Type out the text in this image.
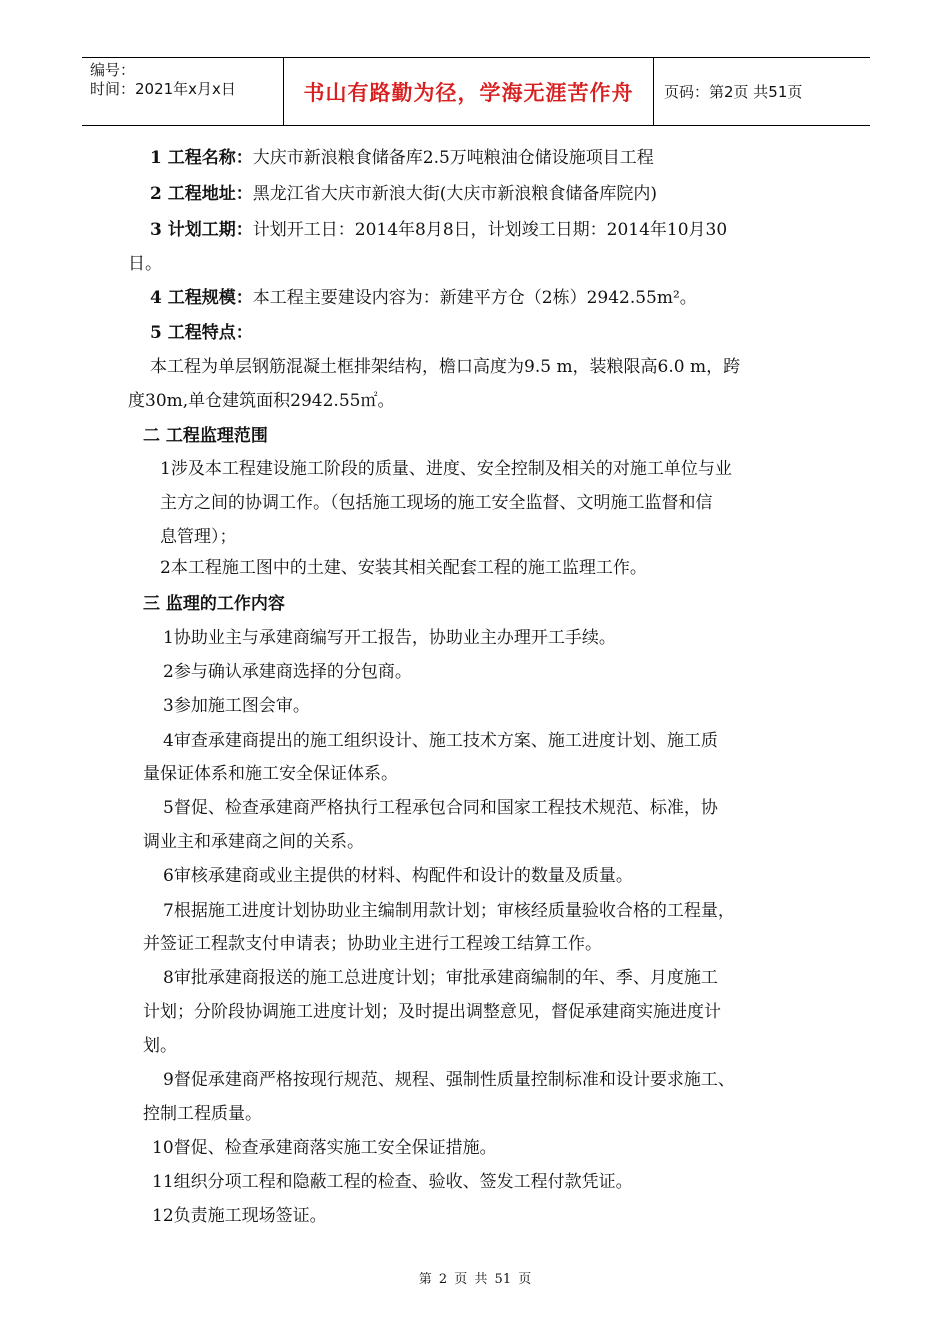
编号：
时间：2021年x月x日	书山有路勤为径，学海无涯苦作舟	页码：第2页 共51页
1 工程名称：大庆市新浪粮食储备库2.5万吨粮油仓储设施项目工程
2 工程地址：黑龙江省大庆市新浪大街(大庆市新浪粮食储备库院内)
3 计划工期：计划开工日：2014年8月8日，计划竣工日期：2014年10月30
日。
4 工程规模：本工程主要建设内容为：新建平方仓（2栋）2942.55m²。
5 工程特点：
本工程为单层钢筋混凝土框排架结构，檐口高度为9.5 m，装粮限高6.0 m，跨
度30m,单仓建筑面积2942.55㎡。
二 工程监理范围
1涉及本工程建设施工阶段的质量、进度、安全控制及相关的对施工单位与业
主方之间的协调工作。（包括施工现场的施工安全监督、文明施工监督和信
息管理）；
2本工程施工图中的土建、安装其相关配套工程的施工监理工作。
三 监理的工作内容
1协助业主与承建商编写开工报告，协助业主办理开工手续。
2参与确认承建商选择的分包商。
3参加施工图会审。
4审查承建商提出的施工组织设计、施工技术方案、施工进度计划、施工质
量保证体系和施工安全保证体系。
5督促、检查承建商严格执行工程承包合同和国家工程技术规范、标准，协
调业主和承建商之间的关系。
6审核承建商或业主提供的材料、构配件和设计的数量及质量。
7根据施工进度计划协助业主编制用款计划；审核经质量验收合格的工程量，
并签证工程款支付申请表；协助业主进行工程竣工结算工作。
8审批承建商报送的施工总进度计划；审批承建商编制的年、季、月度施工
计划；分阶段协调施工进度计划；及时提出调整意见，督促承建商实施进度计
划。
9督促承建商严格按现行规范、规程、强制性质量控制标准和设计要求施工、
控制工程质量。
10督促、检查承建商落实施工安全保证措施。
11组织分项工程和隐蔽工程的检查、验收、签发工程付款凭证。
12负责施工现场签证。
第 2 页 共 51 页
